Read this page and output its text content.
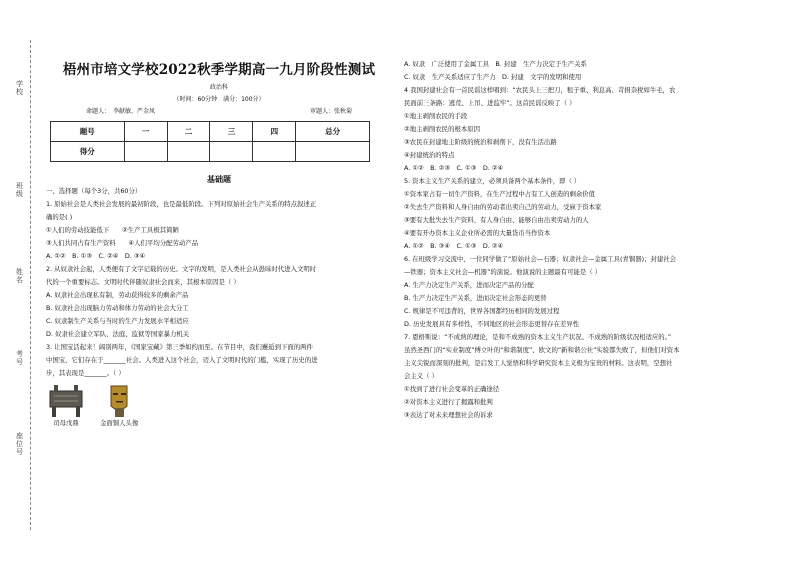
学校
班级
姓名
考号
座位号
梧州市培文学校2022秋季学期高一九月阶段性测试
政治科
（时间：60分钟　满分：100分）
命题人：　李献敏、严金凤	审题人：张秋菊
题号	一	二	三	四	总分
得分					
基础题

一、选择题（每个3分，共60分）

1. 原始社会是人类社会发展的最初阶段，也是最低阶段。下列对原始社会生产关系的特点叙述正

确的是( )

①人们的劳动技能低下　　②生产工具极其简陋

③人们共同占有生产资料　　④人们平均分配劳动产品

A. ①②　B. ①③　C. ②④　D. ③④

2. 从奴隶社会起，人类便有了文字记载的历史。文字的发明，是人类社会从愚昧时代进入文明时

代的一个重要标志。文明时代伴随奴隶社会而来，其根本原因是（ ）

A. 奴隶社会出现私有制，劳动获得较多的剩余产品

B. 奴隶社会出现脑力劳动和体力劳动的社会大分工

C. 奴隶制生产关系与当时的生产力发展水平相适应

D. 奴隶社会建立军队、法庭、监狱等国家暴力机关

3. 让国宝活起来！阔别两年，《国家宝藏》第三季如约而至。在节目中，我们邂逅到下面的两件

中国宝，它们存在于_______社会。人类进入这个社会，迈入了文明时代的门槛，实现了历史的进

步，其表现是_______。（ ）

司母戊鼎	金面铜人头像

A. 奴隶　广泛使用了金属工具　B. 封建　生产力决定于生产关系

C. 奴隶　生产关系适应了生产力　D. 封建　文字的发明和使用

4 我国封建社会有一首民谣这样唱到：“农民头上三把刀，租子重、利息高、苛捐杂税如牛毛，农

民面前三条路：逃荒、上吊、进监牢”。这首民谣反映了（ ）

①地主剥削农民的手段

②地主剥削农民的根本原因

③农民在封建地主阶级的统治和剥削下，没有生活出路

④封建统治的特点

A. ①②　B. ②③　C. ①③　D. ②④

5. 资本主义生产关系的建立，必须具备两个基本条件，即（ ）

①资本家占有一切生产资料，在生产过程中占有工人创造的剩余价值

②失去生产资料和人身自由的劳动者出卖自己的劳动力，受雇于资本家

③要有大批失去生产资料、有人身自由、能够自由出卖劳动力的人

④要有开办资本主义企业所必需的大量货币当作资本

A. ①②　B. ③④　C. ①③　D. ②④

6. 在班级学习交流中，一位同学做了“原始社会—石器；奴隶社会—金属工具(青铜器)；封建社会

—铁器；资本主义社会—机器”的演说。他演说的主题最有可能是（ ）

A. 生产力决定生产关系，进而决定产品的分配

B. 生产力决定生产关系，进而决定社会形态的更替

C. 规律是不可违背的，世界各国都经历相同的发展过程

D. 历史发展具有多样性，不同地区的社会形态更替存在差异性

7. 恩格斯说：“不成熟的理论，是和不成熟的资本主义生产状况、不成熟的阶级状况相适应的。”

虽然圣西门的“实业制度”傅立叶的“和谐制度”、欧文的“新和谐公社”实验都失败了，但他们对资本

主义尖锐而深刻的批判，是启发工人觉悟和科学研究资本主义极为宝贵的材料。这表明，空想社

会主义（ ）

①找到了进行社会变革的正确途径

②对资本主义进行了揭露和批判

③表达了对未来理想社会的诉求
